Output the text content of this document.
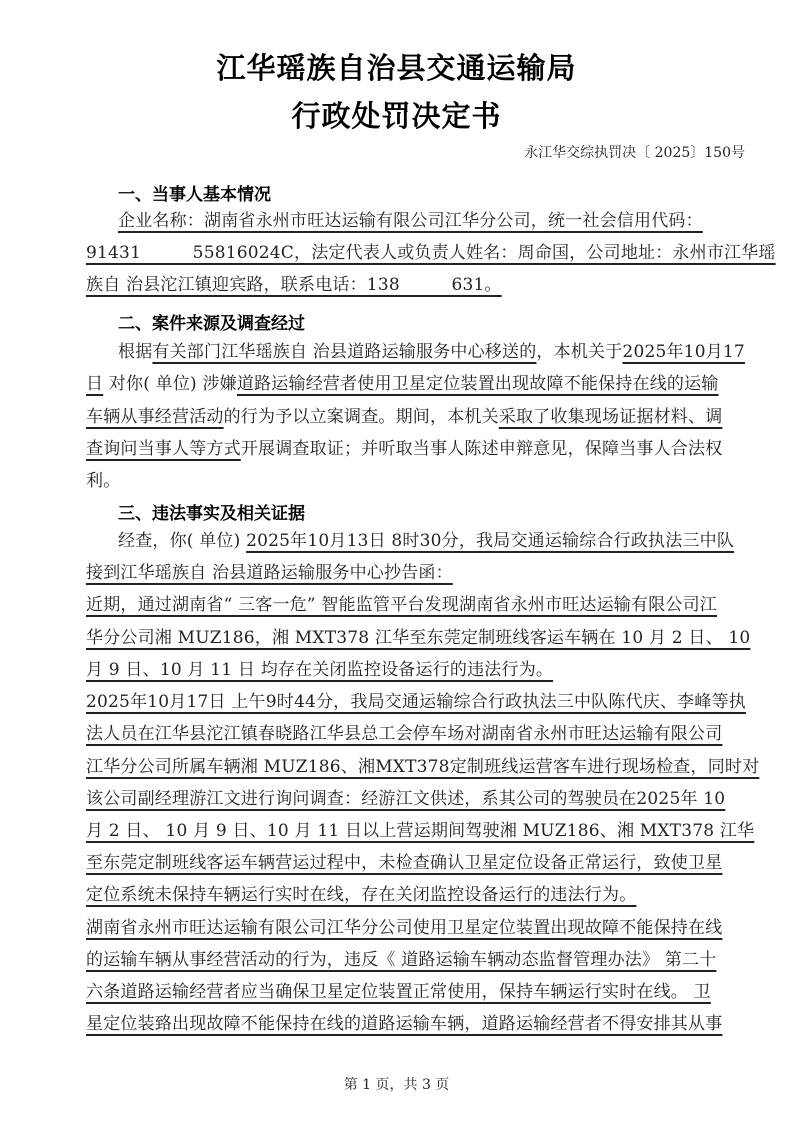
江华瑶族自治县交通运输局
行政处罚决定书
永江华交综执罚决〔 2025〕150号
一、当事人基本情况
企业名称：湖南省永州市旺达运输有限公司江华分公司，统一社会信用代码：
91431　　　55816024C，法定代表人或负责人姓名：周命国，公司地址：永州市江华瑶
族自 治县沱江镇迎宾路，联系电话：138　　　631。
二、案件来源及调查经过
根据有关部门江华瑶族自 治县道路运输服务中心移送的，本机关于2025年10月17
日 对你( 单位) 涉嫌道路运输经营者使用卫星定位装置出现故障不能保持在线的运输
车辆从事经营活动的行为予以立案调查。期间，本机关采取了收集现场证据材料、调
查询问当事人等方式开展调查取证；并听取当事人陈述申辩意见，保障当事人合法权
利。
三、违法事实及相关证据
经查，你( 单位) 2025年10月13日 8时30分，我局交通运输综合行政执法三中队
接到江华瑶族自 治县道路运输服务中心抄告函：
近期，通过湖南省“ 三客一危” 智能监管平台发现湖南省永州市旺达运输有限公司江
华分公司湘 MUZ186，湘 MXT378 江华至东莞定制班线客运车辆在 10 月 2 日、 10
月 9 日、10 月 11 日 均存在关闭监控设备运行的违法行为。
2025年10月17日 上午9时44分，我局交通运输综合行政执法三中队陈代庆、李峰等执
法人员在江华县沱江镇春晓路江华县总工会停车场对湖南省永州市旺达运输有限公司
江华分公司所属车辆湘 MUZ186、湘MXT378定制班线运营客车进行现场检查，同时对
该公司副经理游江文进行询问调查：经游江文供述，系其公司的驾驶员在2025年 10
月 2 日、 10 月 9 日、10 月 11 日以上营运期间驾驶湘 MUZ186、湘 MXT378 江华
至东莞定制班线客运车辆营运过程中，未检查确认卫星定位设备正常运行，致使卫星
定位系统未保持车辆运行实时在线，存在关闭监控设备运行的违法行为。
湖南省永州市旺达运输有限公司江华分公司使用卫星定位装置出现故障不能保持在线
的运输车辆从事经营活动的行为，违反《 道路运输车辆动态监督管理办法》 第二十
六条道路运输经营者应当确保卫星定位装置正常使用，保持车辆运行实时在线。 卫
星定位装臵出现故障不能保持在线的道路运输车辆，道路运输经营者不得安排其从事
第 1 页，共 3 页
